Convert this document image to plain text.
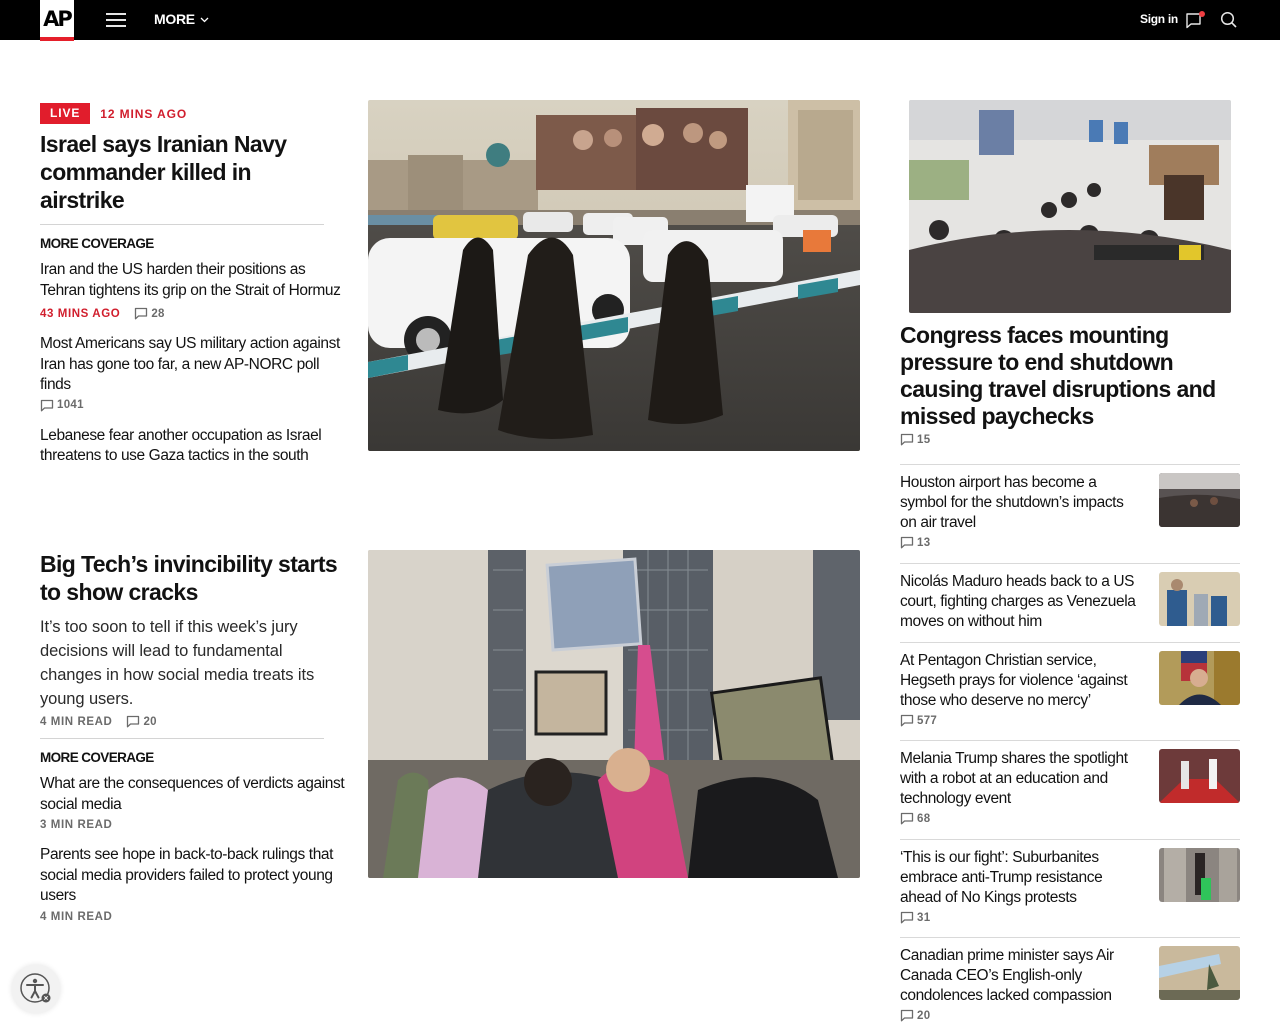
AP	MORE	Sign in
LIVE	12 MINS AGO
Israel says Iranian Navy commander killed in airstrike
MORE COVERAGE
Iran and the US harden their positions as Tehran tightens its grip on the Strait of Hormuz
43 MINS AGO	28
Most Americans say US military action against Iran has gone too far, a new AP-NORC poll finds
1041
Lebanese fear another occupation as Israel threatens to use Gaza tactics in the south
Big Tech’s invincibility starts to show cracks
It’s too soon to tell if this week’s jury decisions will lead to fundamental changes in how social media treats its young users.
4 MIN READ	20
MORE COVERAGE
What are the consequences of verdicts against social media
3 MIN READ
Parents see hope in back-to-back rulings that social media providers failed to protect young users
4 MIN READ
Congress faces mounting pressure to end shutdown causing travel disruptions and missed paychecks
15
Houston airport has become a symbol for the shutdown’s impacts on air travel
13
Nicolás Maduro heads back to a US court, fighting charges as Venezuela moves on without him
At Pentagon Christian service, Hegseth prays for violence ‘against those who deserve no mercy’
577
Melania Trump shares the spotlight with a robot at an education and technology event
68
‘This is our fight’: Suburbanites embrace anti-Trump resistance ahead of No Kings protests
31
Canadian prime minister says Air Canada CEO’s English-only condolences lacked compassion
20
